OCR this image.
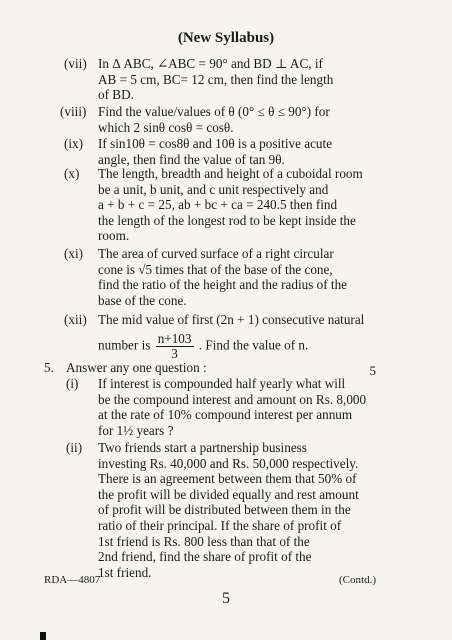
(New Syllabus)
(vii) In Δ ABC, ∠ABC = 90° and BD ⊥ AC, if
AB = 5 cm, BC= 12 cm, then find the length
of BD.
(viii) Find the value/values of θ (0° ≤ θ ≤ 90°) for
which 2 sinθ cosθ = cosθ.
(ix) If sin10θ = cos8θ and 10θ is a positive acute
angle, then find the value of tan 9θ.
(x) The length, breadth and height of a cuboidal room
be a unit, b unit, and c unit respectively and
a + b + c = 25, ab + bc + ca = 240.5 then find
the length of the longest rod to be kept inside the
room.
(xi) The area of curved surface of a right circular
cone is √5 times that of the base of the cone,
find the ratio of the height and the radius of the
base of the cone.
(xii) The mid value of first (2n + 1) consecutive natural
number is $\frac{n+103}{3}$ . Find the value of n.
5. Answer any one question :	5
(i) If interest is compounded half yearly what will
be the compound interest and amount on Rs. 8,000
at the rate of 10% compound interest per annum
for 1½ years ?
(ii) Two friends start a partnership business
investing Rs. 40,000 and Rs. 50,000 respectively.
There is an agreement between them that 50% of
the profit will be divided equally and rest amount
of profit will be distributed between them in the
ratio of their principal. If the share of profit of
1st friend is Rs. 800 less than that of the
2nd friend, find the share of profit of the
1st friend.
RDA—4807	(Contd.)
5
